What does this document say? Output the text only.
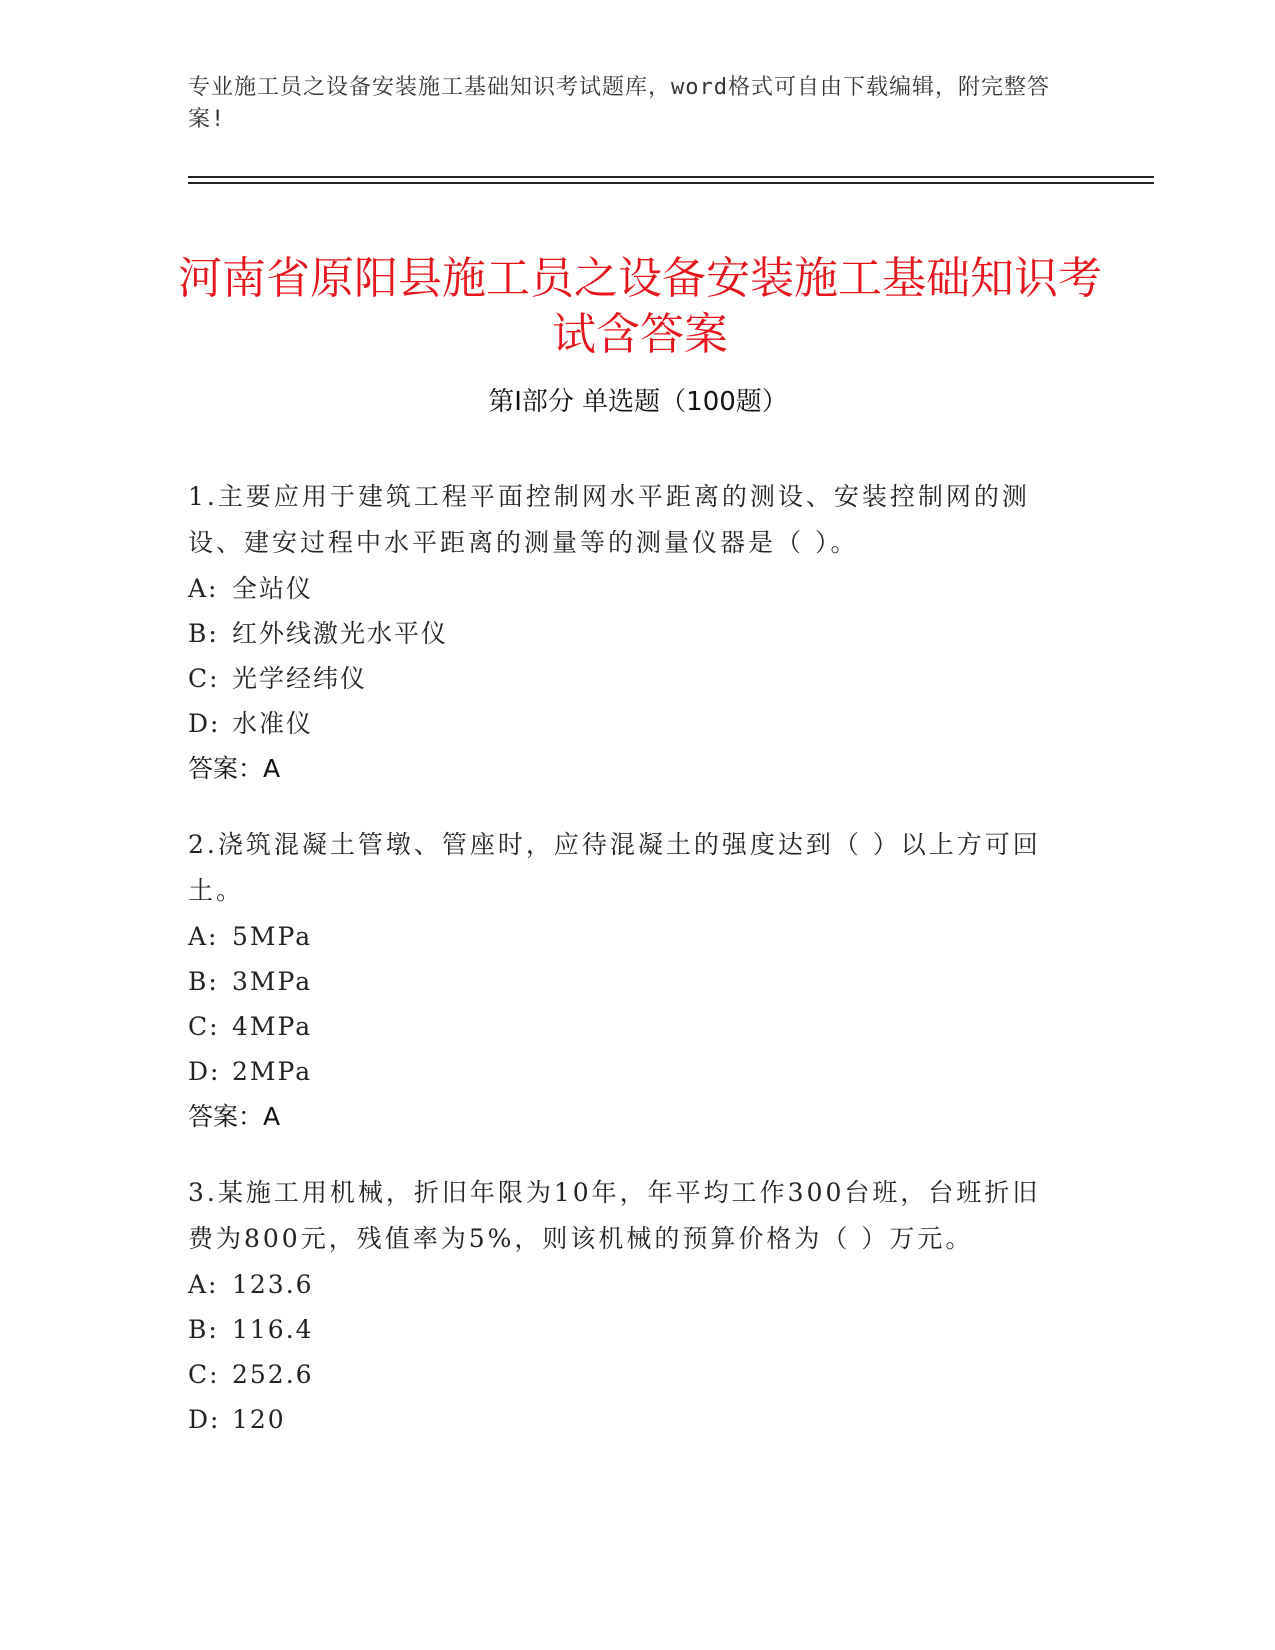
专业施工员之设备安装施工基础知识考试题库，word格式可自由下载编辑，附完整答案!
河南省原阳县施工员之设备安装施工基础知识考试含答案
第I部分 单选题（100题）
1.主要应用于建筑工程平面控制网水平距离的测设、安装控制网的测设、建安过程中水平距离的测量等的测量仪器是（ ）。
A: 全站仪
B: 红外线激光水平仪
C: 光学经纬仪
D: 水准仪
答案：A
2.浇筑混凝土管墩、管座时，应待混凝土的强度达到（ ）以上方可回土。
A: 5MPa
B: 3MPa
C: 4MPa
D: 2MPa
答案：A
3.某施工用机械，折旧年限为10年，年平均工作300台班，台班折旧费为800元，残值率为5%，则该机械的预算价格为（ ）万元。
A: 123.6
B: 116.4
C: 252.6
D: 120
